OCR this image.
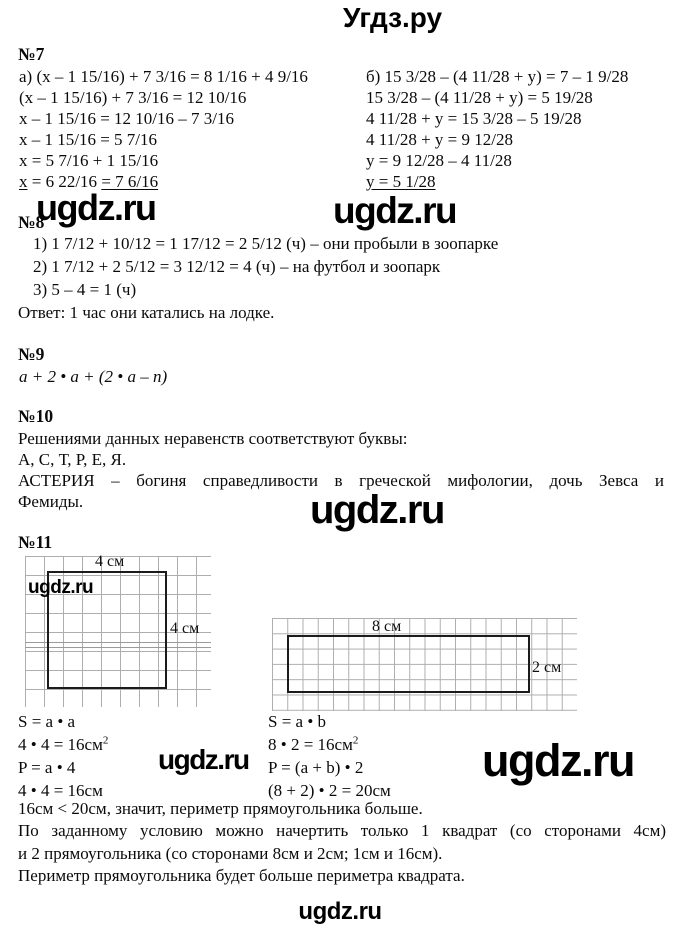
Угдз.ру
№7
а) (x – 1 15/16) + 7 3/16 = 8 1/16 + 4 9/16
(x – 1 15/16) + 7 3/16 = 12 10/16
x – 1 15/16 = 12 10/16 – 7 3/16
x – 1 15/16 = 5 7/16
x = 5 7/16 + 1 15/16
x = 6 22/16 = 7 6/16
б) 15 3/28 – (4 11/28 + y) = 7 – 1 9/28
15 3/28 – (4 11/28 + y) = 5 19/28
4 11/28 + y = 15 3/28 – 5 19/28
4 11/28 + y = 9 12/28
y = 9 12/28 – 4 11/28
y = 5 1/28
ugdz.ru	ugdz.ru
№8
1) 1 7/12 + 10/12 = 1 17/12 = 2 5/12 (ч) – они пробыли в зоопарке
2) 1 7/12 + 2 5/12 = 3 12/12 = 4 (ч) – на футбол и зоопарк
3) 5 – 4 = 1 (ч)
Ответ: 1 час они катались на лодке.
№9
a + 2 • a + (2 • a – n)
№10
Решениями данных неравенств соответствуют буквы:
А, С, Т, Р, Е, Я.
АСТЕРИЯ – богиня справедливости в греческой мифологии, дочь Зевса и
Фемиды.	ugdz.ru
№11
4 см
4 см
ugdz.ru
8 см
2 см
S = a • a
4 • $4 = 16см^2$
P = a • 4
4 • 4 = 16см
S = a • b
8 • $2 = 16см^2$
P = (a + b) • 2
(8 + 2) • 2 = 20см
ugdz.ru	ugdz.ru
16см < 20см, значит, периметр прямоугольника больше.
По заданному условию можно начертить только 1 квадрат (со сторонами 4см)
и 2 прямоугольника (со сторонами 8см и 2см; 1см и 16см).
Периметр прямоугольника будет больше периметра квадрата.
ugdz.ru
